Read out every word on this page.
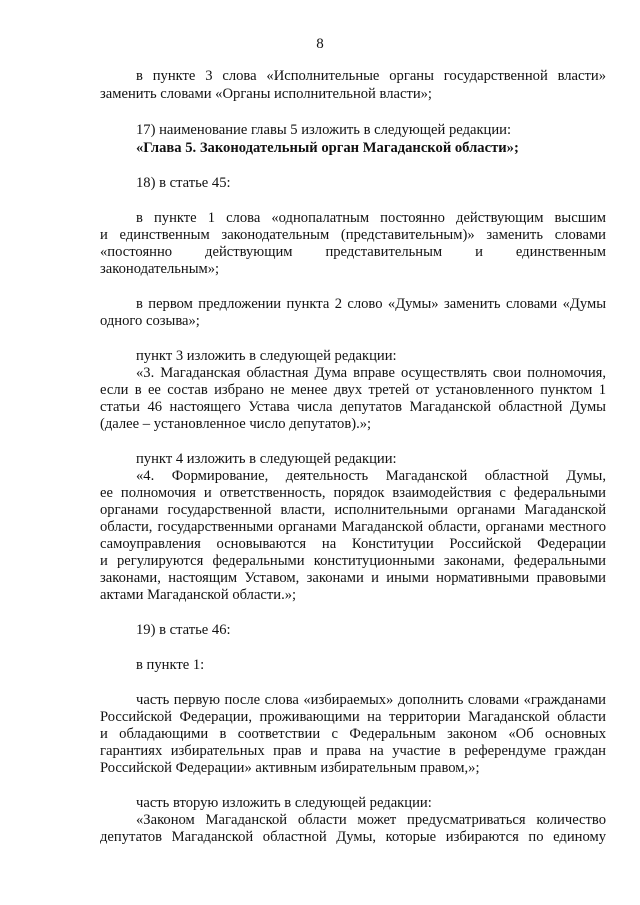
8
в пункте 3 слова «Исполнительные органы государственной власти»
заменить словами «Органы исполнительной власти»;
17) наименование главы 5 изложить в следующей редакции:
«Глава 5. Законодательный орган Магаданской области»;
18) в статье 45:
в пункте 1 слова «однопалатным постоянно действующим высшим
и единственным законодательным (представительным)» заменить словами
«постоянно действующим представительным и единственным
законодательным»;
в первом предложении пункта 2 слово «Думы» заменить словами «Думы
одного созыва»;
пункт 3 изложить в следующей редакции:
«3. Магаданская областная Дума вправе осуществлять свои полномочия,
если в ее состав избрано не менее двух третей от установленного пунктом 1
статьи 46 настоящего Устава числа депутатов Магаданской областной Думы
(далее – установленное число депутатов).»;
пункт 4 изложить в следующей редакции:
«4. Формирование, деятельность Магаданской областной Думы,
ее полномочия и ответственность, порядок взаимодействия с федеральными
органами государственной власти, исполнительными органами Магаданской
области, государственными органами Магаданской области, органами местного
самоуправления основываются на Конституции Российской Федерации
и регулируются федеральными конституционными законами, федеральными
законами, настоящим Уставом, законами и иными нормативными правовыми
актами Магаданской области.»;
19) в статье 46:
в пункте 1:
часть первую после слова «избираемых» дополнить словами «гражданами
Российской Федерации, проживающими на территории Магаданской области
и обладающими в соответствии с Федеральным законом «Об основных
гарантиях избирательных прав и права на участие в референдуме граждан
Российской Федерации» активным избирательным правом,»;
часть вторую изложить в следующей редакции:
«Законом Магаданской области может предусматриваться количество
депутатов Магаданской областной Думы, которые избираются по единому
